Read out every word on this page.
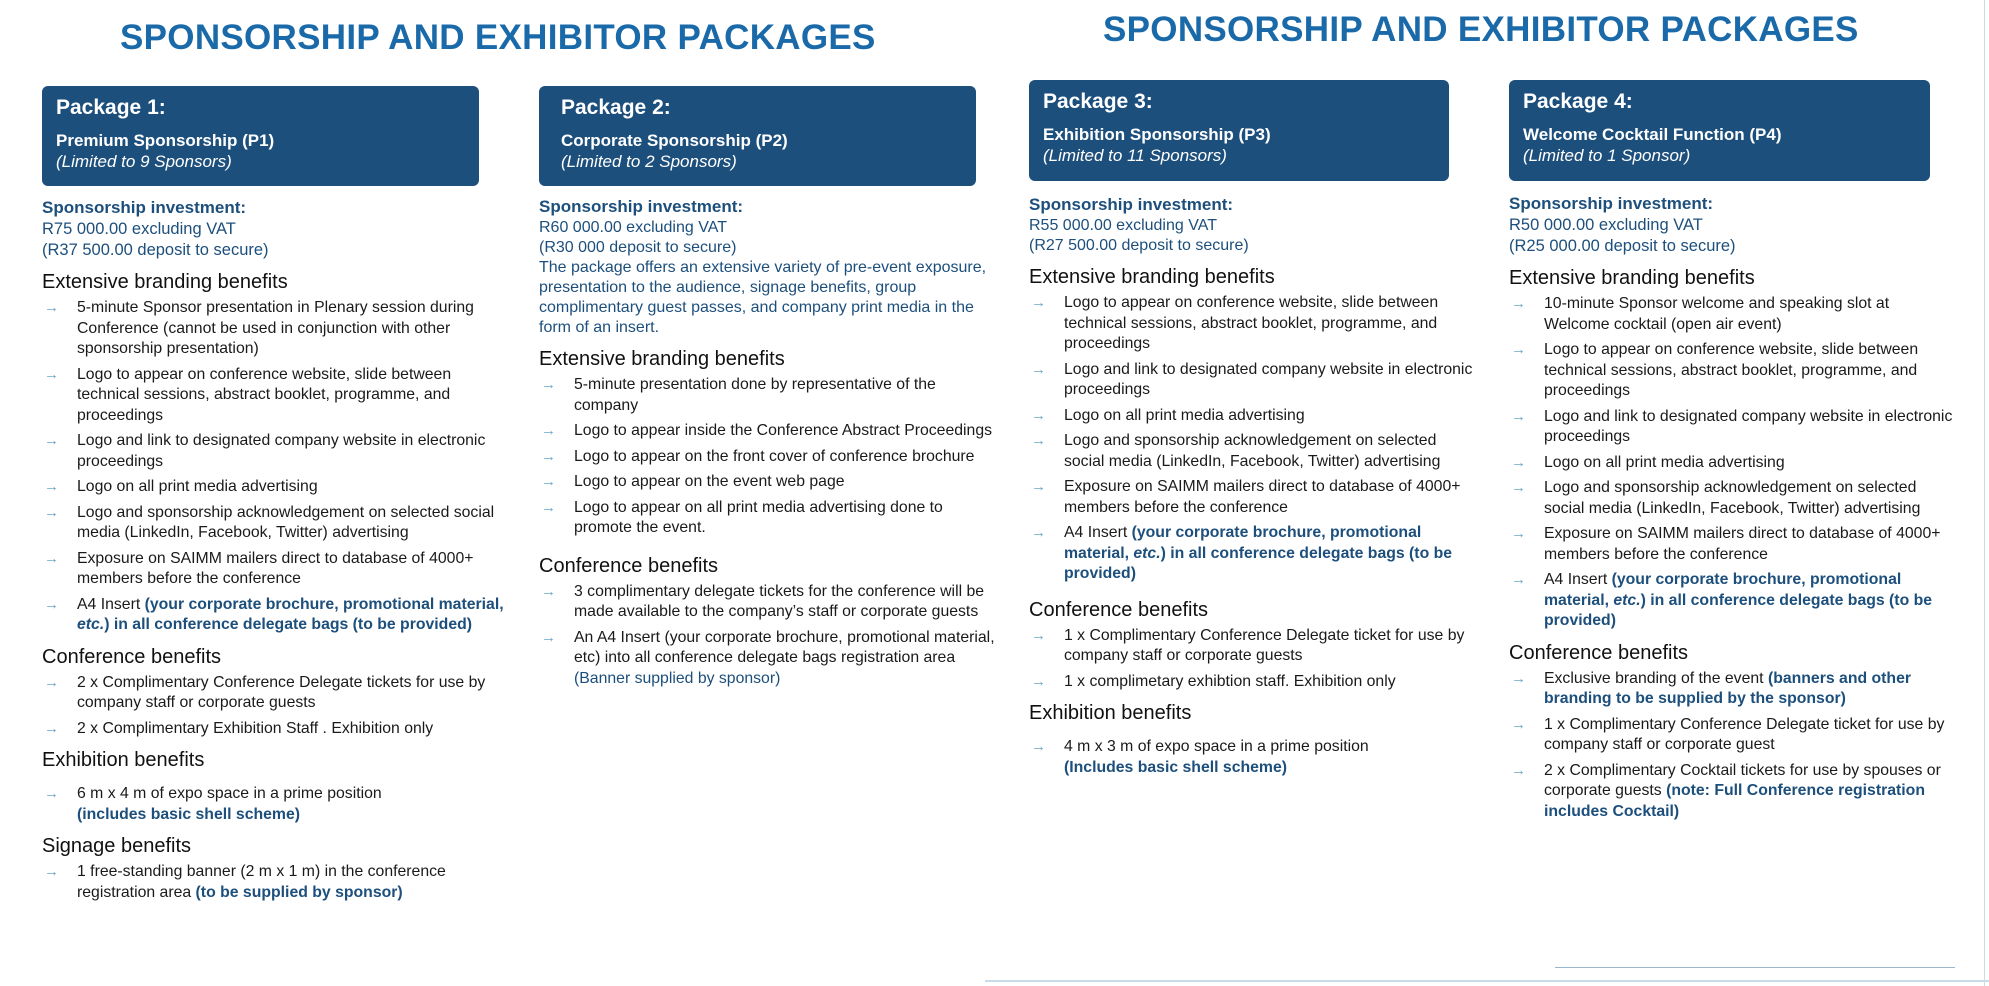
SPONSORSHIP AND EXHIBITOR PACKAGES	SPONSORSHIP AND EXHIBITOR PACKAGES
Package 1:
Premium Sponsorship (P1)
(Limited to 9 Sponsors)
Sponsorship investment:
R75 000.00 excluding VAT
(R37 500.00 deposit to secure)
Extensive branding benefits
→ 5-minute Sponsor presentation in Plenary session during Conference (cannot be used in conjunction with other sponsorship presentation)
→ Logo to appear on conference website, slide between technical sessions, abstract booklet, programme, and proceedings
→ Logo and link to designated company website in electronic proceedings
→ Logo on all print media advertising
→ Logo and sponsorship acknowledgement on selected social media (LinkedIn, Facebook, Twitter) advertising
→ Exposure on SAIMM mailers direct to database of 4000+ members before the conference
→ A4 Insert (your corporate brochure, promotional material, etc.) in all conference delegate bags (to be provided)
Conference benefits
→ 2 x Complimentary Conference Delegate tickets for use by company staff or corporate guests
→ 2 x Complimentary Exhibition Staff . Exhibition only
Exhibition benefits
→ 6 m x 4 m of expo space in a prime position
(includes basic shell scheme)
Signage benefits
→ 1 free-standing banner (2 m x 1 m) in the conference registration area (to be supplied by sponsor)
Package 2:
Corporate Sponsorship (P2)
(Limited to 2 Sponsors)
Sponsorship investment:
R60 000.00 excluding VAT
(R30 000 deposit to secure)
The package offers an extensive variety of pre-event exposure, presentation to the audience, signage benefits, group complimentary guest passes, and company print media in the form of an insert.
Extensive branding benefits
→ 5-minute presentation done by representative of the company
→ Logo to appear inside the Conference Abstract Proceedings
→ Logo to appear on the front cover of conference brochure
→ Logo to appear on the event web page
→ Logo to appear on all print media advertising done to promote the event.
Conference benefits
→ 3 complimentary delegate tickets for the conference will be made available to the company’s staff or corporate guests
→ An A4 Insert (your corporate brochure, promotional material, etc) into all conference delegate bags registration area (Banner supplied by sponsor)
Package 3:
Exhibition Sponsorship (P3)
(Limited to 11 Sponsors)
Sponsorship investment:
R55 000.00 excluding VAT
(R27 500.00 deposit to secure)
Extensive branding benefits
→ Logo to appear on conference website, slide between technical sessions, abstract booklet, programme, and proceedings
→ Logo and link to designated company website in electronic proceedings
→ Logo on all print media advertising
→ Logo and sponsorship acknowledgement on selected social media (LinkedIn, Facebook, Twitter) advertising
→ Exposure on SAIMM mailers direct to database of 4000+ members before the conference
→ A4 Insert (your corporate brochure, promotional material, etc.) in all conference delegate bags (to be provided)
Conference benefits
→ 1 x Complimentary Conference Delegate ticket for use by company staff or corporate guests
→ 1 x complimetary exhibtion staff. Exhibition only
Exhibition benefits
→ 4 m x 3 m of expo space in a prime position
(Includes basic shell scheme)
Package 4:
Welcome Cocktail Function (P4)
(Limited to 1 Sponsor)
Sponsorship investment:
R50 000.00 excluding VAT
(R25 000.00 deposit to secure)
Extensive branding benefits
→ 10-minute Sponsor welcome and speaking slot at Welcome cocktail (open air event)
→ Logo to appear on conference website, slide between technical sessions, abstract booklet, programme, and proceedings
→ Logo and link to designated company website in electronic proceedings
→ Logo on all print media advertising
→ Logo and sponsorship acknowledgement on selected social media (LinkedIn, Facebook, Twitter) advertising
→ Exposure on SAIMM mailers direct to database of 4000+ members before the conference
→ A4 Insert (your corporate brochure, promotional material, etc.) in all conference delegate bags (to be provided)
Conference benefits
→ Exclusive branding of the event (banners and other branding to be supplied by the sponsor)
→ 1 x Complimentary Conference Delegate ticket for use by company staff or corporate guest
→ 2 x Complimentary Cocktail tickets for use by spouses or corporate guests (note: Full Conference registration includes Cocktail)
